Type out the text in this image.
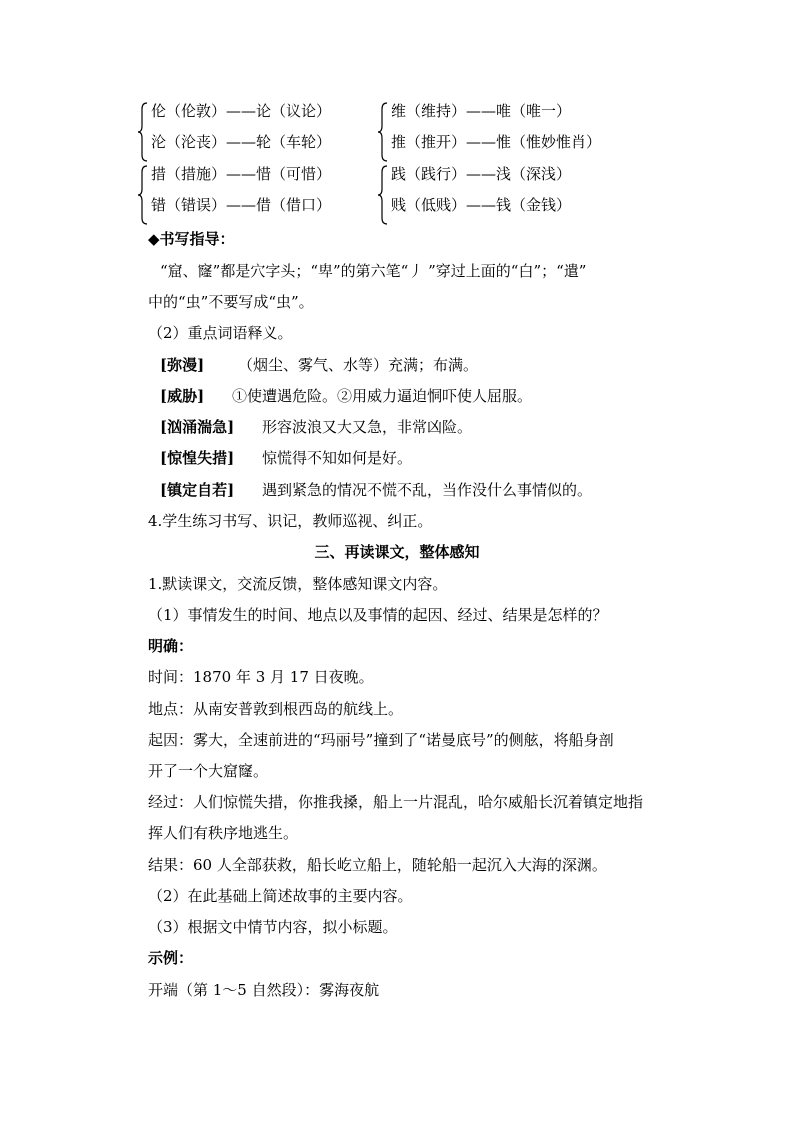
伦（伦敦）——论（议论）
沦（沦丧）——轮（车轮）
维（维持）——唯（唯一）
推（推开）——惟（惟妙惟肖）
措（措施）——惜（可惜）
错（错误）——借（借口）
践（践行）——浅（深浅）
贱（低贱）——钱（金钱）
◆书写指导：
“窟、窿”都是穴字头；“卑”的第六笔“丿 ”穿过上面的“白”；“遣”
中的“⾍”不要写成“虫”。
（2）重点词语释义。
[弥漫] （烟尘、雾气、水等）充满；布满。
[威胁] ①使遭遇危险。②用威力逼迫恫吓使人屈服。
[汹涌湍急] 形容波浪又大又急，非常凶险。
[惊惶失措] 惊慌得不知如何是好。
[镇定自若] 遇到紧急的情况不慌不乱，当作没什么事情似的。
4.学生练习书写、识记，教师巡视、纠正。
三、再读课文，整体感知
1.默读课文，交流反馈，整体感知课文内容。
（1）事情发生的时间、地点以及事情的起因、经过、结果是怎样的？
明确：
时间：1870 年 3 月 17 日夜晚。
地点：从南安普敦到根西岛的航线上。
起因：雾大，全速前进的“玛丽号”撞到了“诺曼底号”的侧舷，将船身剖
开了一个大窟窿。
经过：人们惊慌失措，你推我搡，船上一片混乱，哈尔威船长沉着镇定地指
挥人们有秩序地逃生。
结果：60 人全部获救，船长屹立船上，随轮船一起沉入大海的深渊。
（2）在此基础上简述故事的主要内容。
（3）根据文中情节内容，拟小标题。
示例：
开端（第 1～5 自然段）：雾海夜航
